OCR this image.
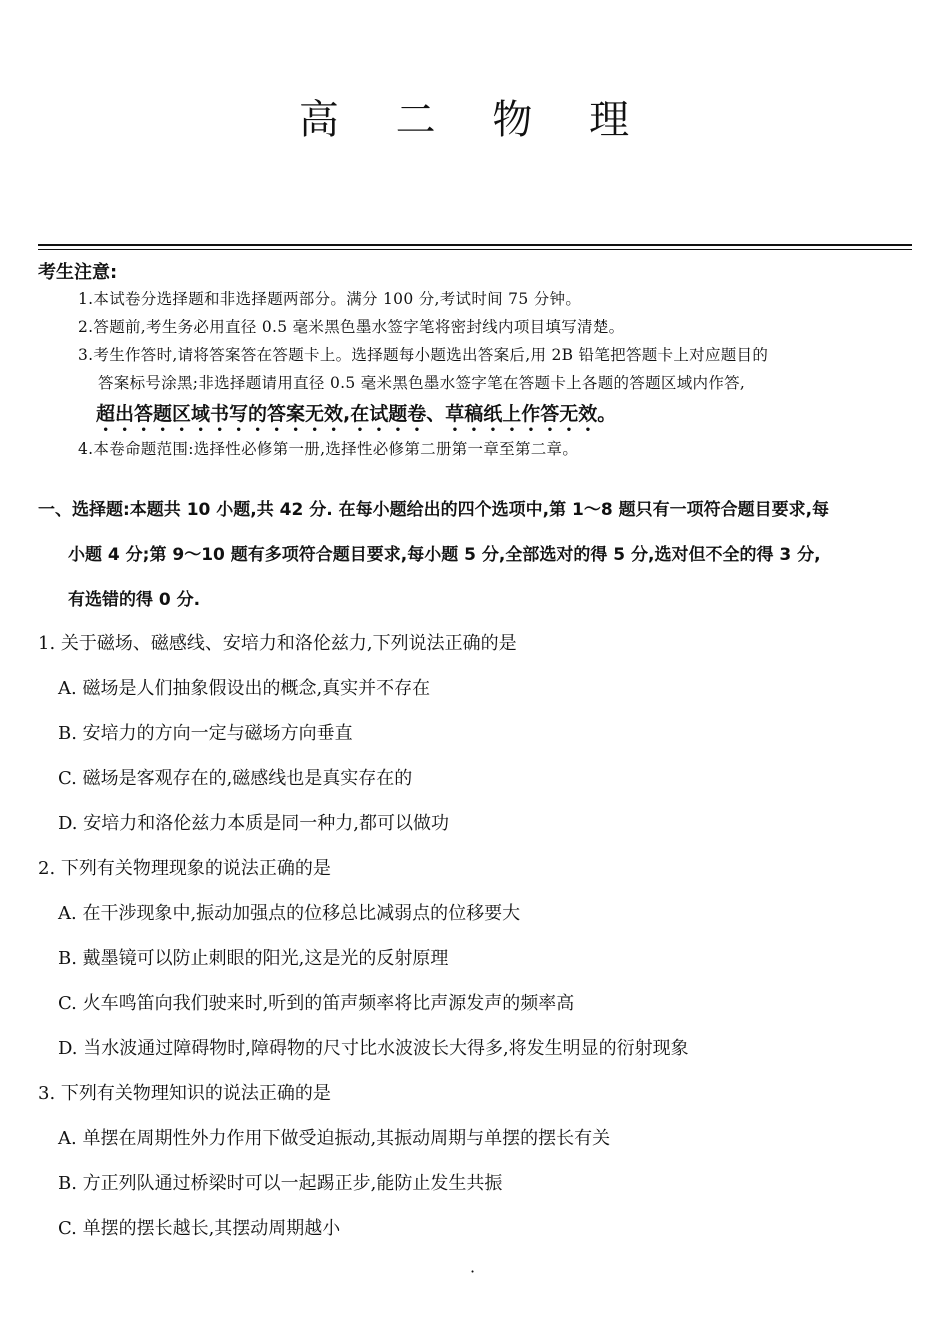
高 二 物 理
考生注意:
1.本试卷分选择题和非选择题两部分。满分 100 分,考试时间 75 分钟。
2.答题前,考生务必用直径 0.5 毫米黑色墨水签字笔将密封线内项目填写清楚。
3.考生作答时,请将答案答在答题卡上。选择题每小题选出答案后,用 2B 铅笔把答题卡上对应题目的
答案标号涂黑;非选择题请用直径 0.5 毫米黑色墨水签字笔在答题卡上各题的答题区域内作答,
超出答题区域书写的答案无效,在试题卷、草稿纸上作答无效。
4.本卷命题范围:选择性必修第一册,选择性必修第二册第一章至第二章。
一、选择题:本题共 10 小题,共 42 分. 在每小题给出的四个选项中,第 1～8 题只有一项符合题目要求,每
小题 4 分;第 9～10 题有多项符合题目要求,每小题 5 分,全部选对的得 5 分,选对但不全的得 3 分,
有选错的得 0 分.
1. 关于磁场、磁感线、安培力和洛伦兹力,下列说法正确的是
A. 磁场是人们抽象假设出的概念,真实并不存在
B. 安培力的方向一定与磁场方向垂直
C. 磁场是客观存在的,磁感线也是真实存在的
D. 安培力和洛伦兹力本质是同一种力,都可以做功
2. 下列有关物理现象的说法正确的是
A. 在干涉现象中,振动加强点的位移总比减弱点的位移要大
B. 戴墨镜可以防止刺眼的阳光,这是光的反射原理
C. 火车鸣笛向我们驶来时,听到的笛声频率将比声源发声的频率高
D. 当水波通过障碍物时,障碍物的尺寸比水波波长大得多,将发生明显的衍射现象
3. 下列有关物理知识的说法正确的是
A. 单摆在周期性外力作用下做受迫振动,其振动周期与单摆的摆长有关
B. 方正列队通过桥梁时可以一起踢正步,能防止发生共振
C. 单摆的摆长越长,其摆动周期越小
·
